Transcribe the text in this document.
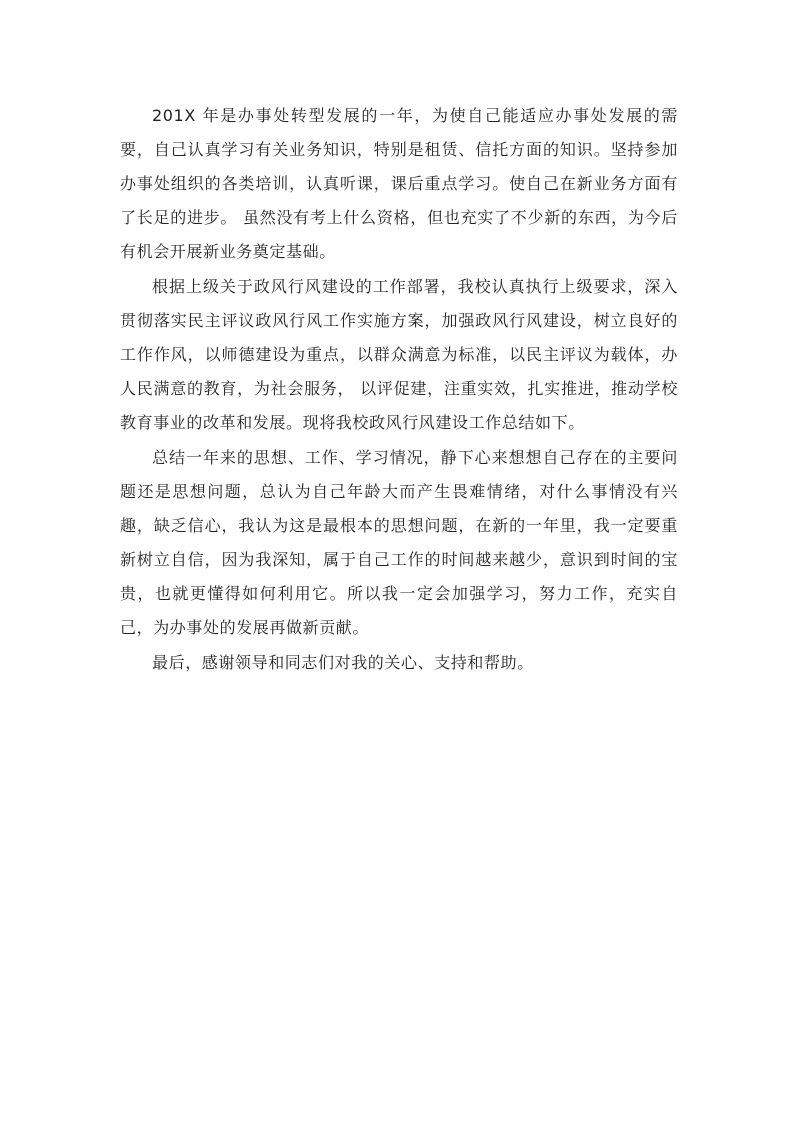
201X 年是办事处转型发展的一年，为使自己能适应办事处发展的需要，自己认真学习有关业务知识，特别是租赁、信托方面的知识。坚持参加办事处组织的各类培训，认真听课，课后重点学习。使自己在新业务方面有了长足的进步。 虽然没有考上什么资格，但也充实了不少新的东西，为今后有机会开展新业务奠定基础。

根据上级关于政风行风建设的工作部署，我校认真执行上级要求，深入贯彻落实民主评议政风行风工作实施方案，加强政风行风建设，树立良好的工作作风，以师德建设为重点，以群众满意为标准，以民主评议为载体，办人民满意的教育，为社会服务， 以评促建，注重实效，扎实推进，推动学校教育事业的改革和发展。现将我校政风行风建设工作总结如下。

总结一年来的思想、工作、学习情况，静下心来想想自己存在的主要问题还是思想问题，总认为自己年龄大而产生畏难情绪，对什么事情没有兴趣，缺乏信心，我认为这是最根本的思想问题，在新的一年里，我一定要重新树立自信，因为我深知，属于自己工作的时间越来越少，意识到时间的宝贵，也就更懂得如何利用它。所以我一定会加强学习，努力工作，充实自己，为办事处的发展再做新贡献。

最后，感谢领导和同志们对我的关心、支持和帮助。
